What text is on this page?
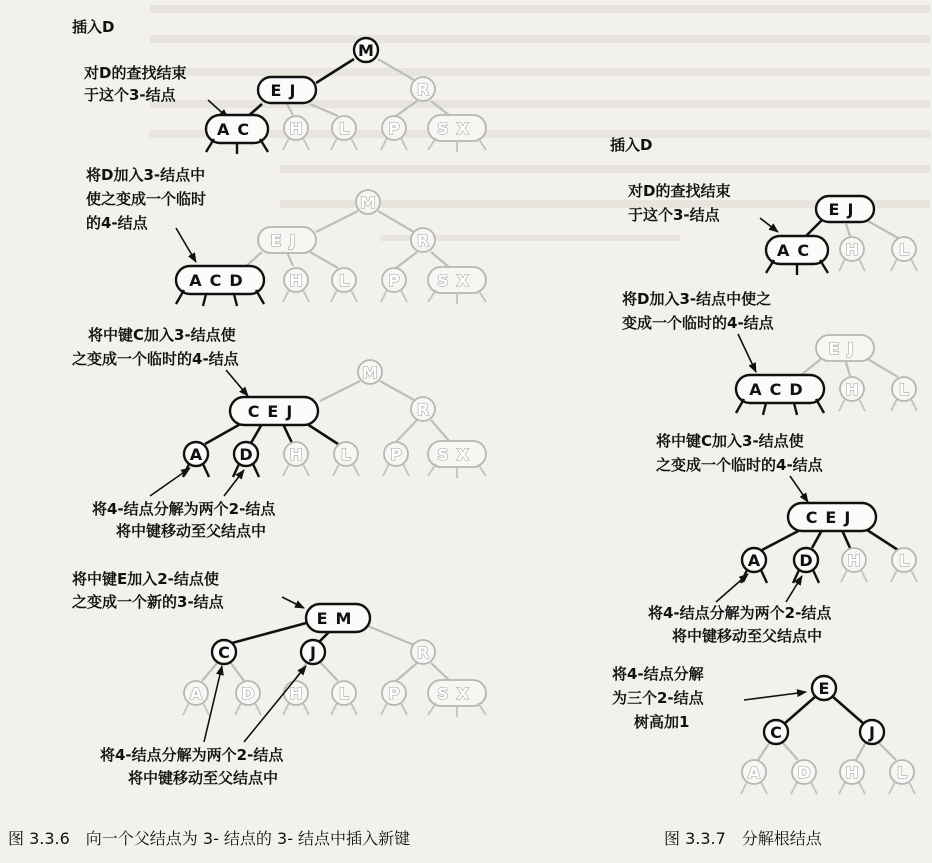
插入D
对D的查找结束
于这个3-结点
M
EJ	R
AC H L P SX
将D加入3-结点中
使之变成一个临时
的4-结点
M
EJ	R
ACD H L P SX
将中键C加入3-结点使
之变成一个临时的4-结点
M
CEJ	R
A D H L P SX
将4-结点分解为两个2-结点
将中键移动至父结点中
将中键E加入2-结点使
之变成一个新的3-结点
EM
C	J	R
A D H L P SX
将4-结点分解为两个2-结点
将中键移动至父结点中
图 3.3.6　向一个父结点为 3- 结点的 3- 结点中插入新键
插入D
对D的查找结束
于这个3-结点	EJ
AC H	L
将D加入3-结点中使之
变成一个临时的4-结点
EJ
ACD H	L
将中键C加入3-结点使
之变成一个临时的4-结点
CEJ
A D H L
将4-结点分解为两个2-结点
将中键移动至父结点中
将4-结点分解
为三个2-结点
树高加1
E
C	J
A D H L
图 3.3.7　分解根结点
